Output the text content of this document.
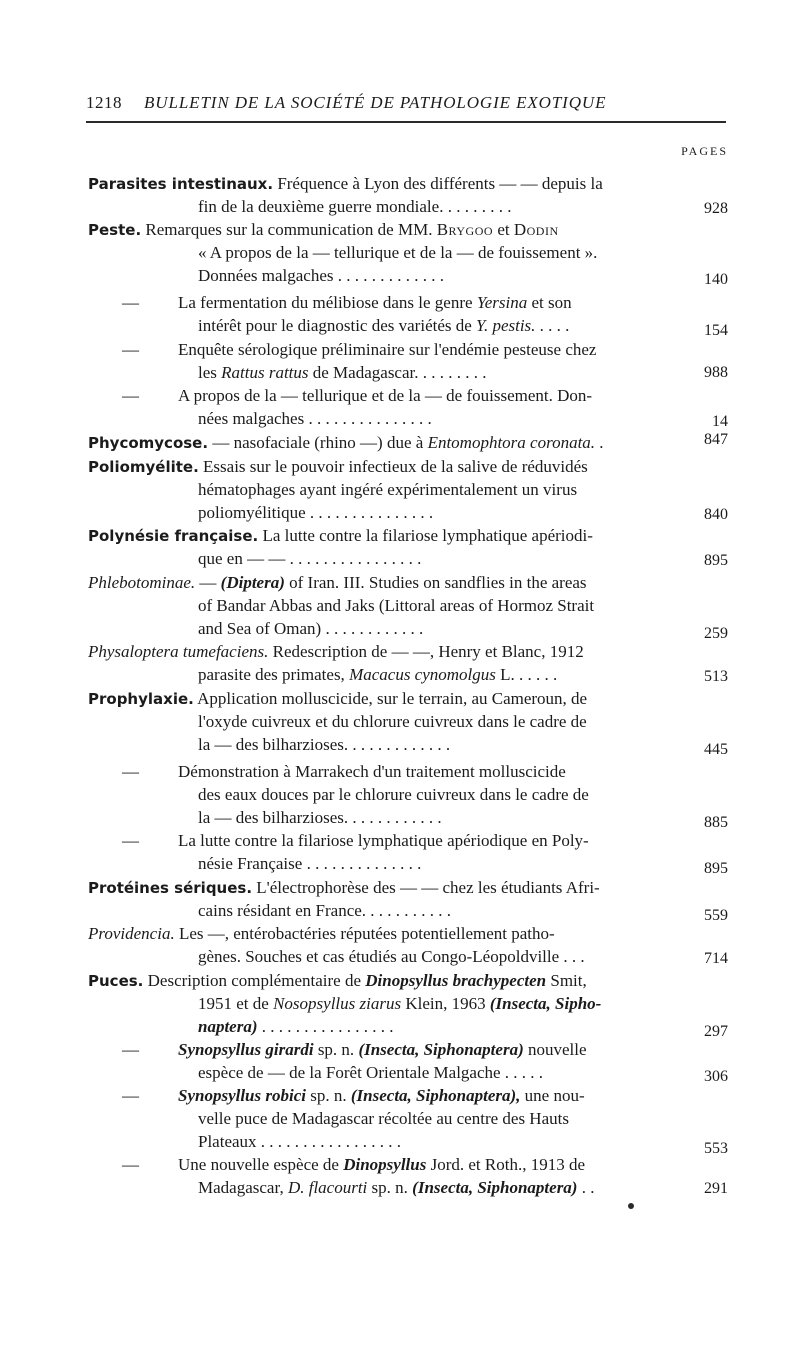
1218 BULLETIN DE LA SOCIÉTÉ DE PATHOLOGIE EXOTIQUE
PAGES
Parasites intestinaux. Fréquence à Lyon des différents — — depuis la
fin de la deuxième guerre mondiale. . . . . . . . .	928
Peste. Remarques sur la communication de MM. Brygoo et Dodin
« A propos de la — tellurique et de la — de fouissement ».
Données malgaches . . . . . . . . . . . . .	140
—	La fermentation du mélibiose dans le genre Yersina et son
intérêt pour le diagnostic des variétés de Y. pestis. . . . .	154
—	Enquête sérologique préliminaire sur l'endémie pesteuse chez
les Rattus rattus de Madagascar. . . . . . . . .	988
—	A propos de la — tellurique et de la — de fouissement. Don-
nées malgaches . . . . . . . . . . . . . . .	14
Phycomycose. — nasofaciale (rhino —) due à Entomophtora coronata. .	847
Poliomyélite. Essais sur le pouvoir infectieux de la salive de réduvidés
hématophages ayant ingéré expérimentalement un virus
poliomyélitique . . . . . . . . . . . . . . .	840
Polynésie française. La lutte contre la filariose lymphatique apériodi-
que en — — . . . . . . . . . . . . . . . .	895
Phlebotominae. — (Diptera) of Iran. III. Studies on sandflies in the areas
of Bandar Abbas and Jaks (Littoral areas of Hormoz Strait
and Sea of Oman) . . . . . . . . . . . .	259
Physaloptera tumefaciens. Redescription de — —, Henry et Blanc, 1912
parasite des primates, Macacus cynomolgus L. . . . . .	513
Prophylaxie. Application molluscicide, sur le terrain, au Cameroun, de
l'oxyde cuivreux et du chlorure cuivreux dans le cadre de
la — des bilharzioses. . . . . . . . . . . . .	445
—	Démonstration à Marrakech d'un traitement molluscicide
des eaux douces par le chlorure cuivreux dans le cadre de
la — des bilharzioses. . . . . . . . . . . .	885
—	La lutte contre la filariose lymphatique apériodique en Poly-
nésie Française . . . . . . . . . . . . . .	895
Protéines sériques. L'électrophorèse des — — chez les étudiants Afri-
cains résidant en France. . . . . . . . . . .	559
Providencia. Les —, entérobactéries réputées potentiellement patho-
gènes. Souches et cas étudiés au Congo-Léopoldville . . .	714
Puces. Description complémentaire de Dinopsyllus brachypecten Smit,
1951 et de Nosopsyllus ziarus Klein, 1963 (Insecta, Sipho-
naptera) . . . . . . . . . . . . . . . .	297
—	Synopsyllus girardi sp. n. (Insecta, Siphonaptera) nouvelle
espèce de — de la Forêt Orientale Malgache . . . . .	306
—	Synopsyllus robici sp. n. (Insecta, Siphonaptera), une nou-
velle puce de Madagascar récoltée au centre des Hauts
Plateaux . . . . . . . . . . . . . . . . .	553
—	Une nouvelle espèce de Dinopsyllus Jord. et Roth., 1913 de
Madagascar, D. flacourti sp. n. (Insecta, Siphonaptera) . .	291
